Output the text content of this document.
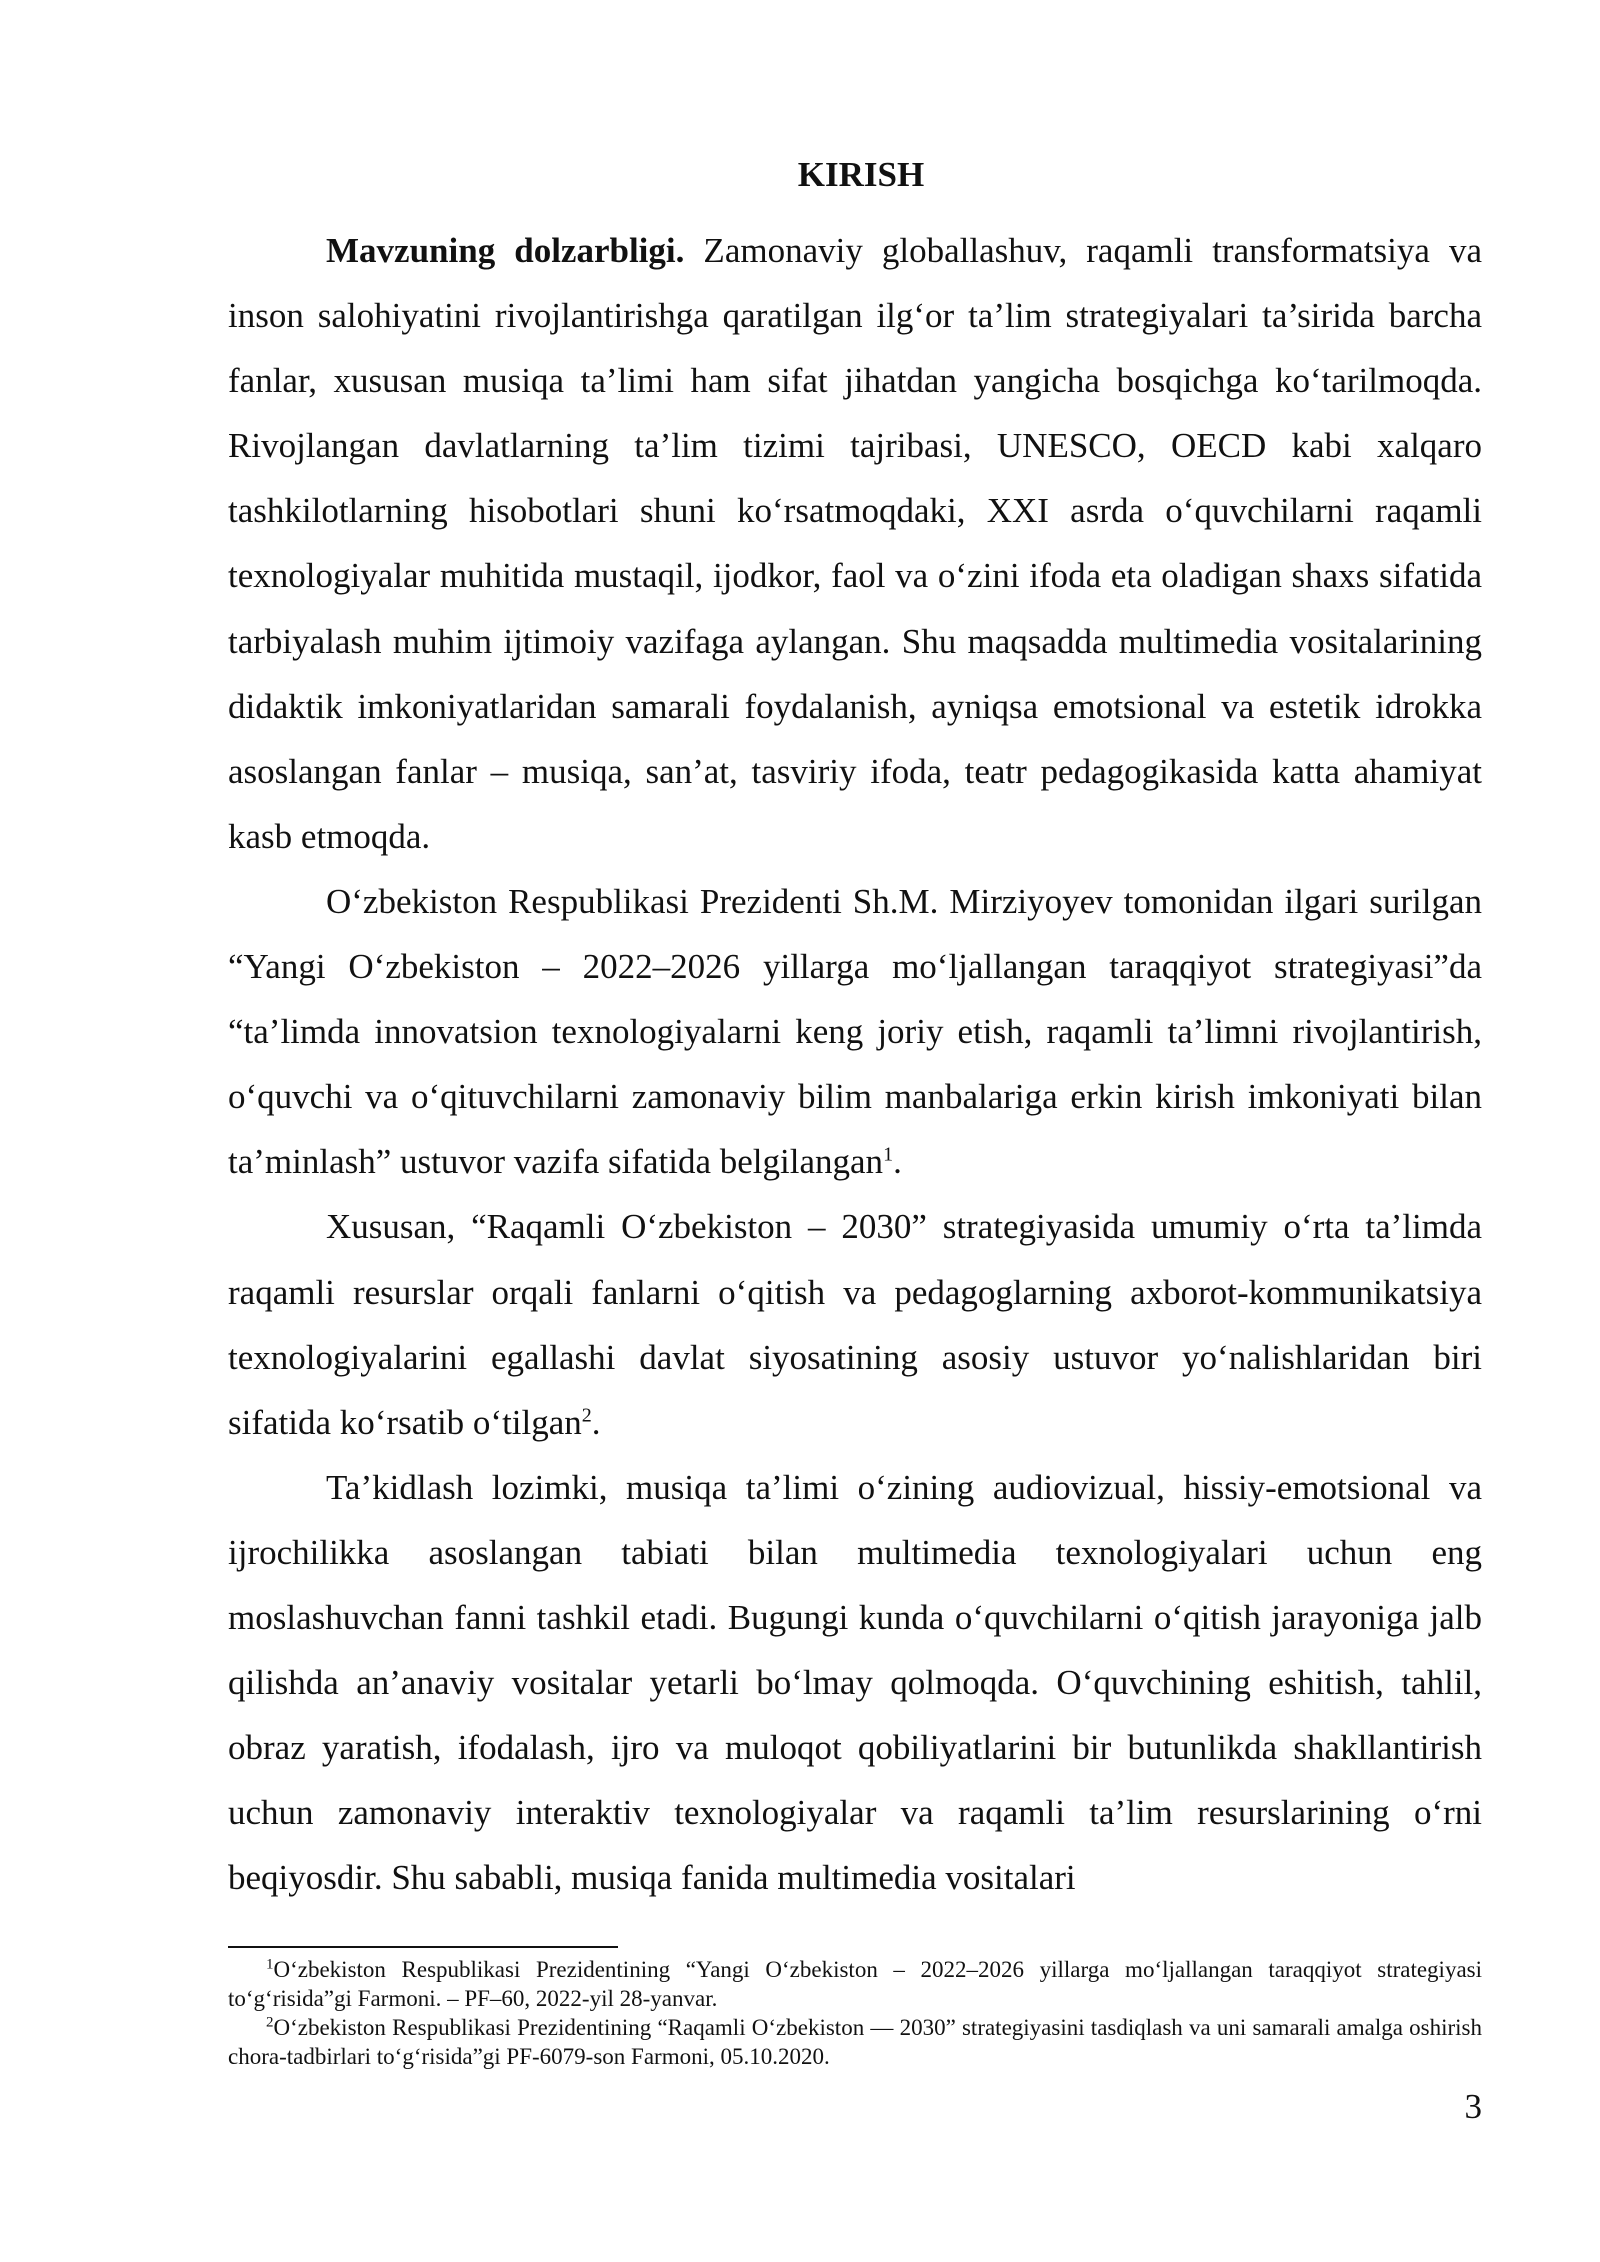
KIRISH

Mavzuning dolzarbligi. Zamonaviy globallashuv, raqamli transformatsiya va inson salohiyatini rivojlantirishga qaratilgan ilg‘or ta’lim strategiyalari ta’sirida barcha fanlar, xususan musiqa ta’limi ham sifat jihatdan yangicha bosqichga ko‘tarilmoqda. Rivojlangan davlatlarning ta’lim tizimi tajribasi, UNESCO, OECD kabi xalqaro tashkilotlarning hisobotlari shuni ko‘rsatmoqdaki, XXI asrda o‘quvchilarni raqamli texnologiyalar muhitida mustaqil, ijodkor, faol va o‘zini ifoda eta oladigan shaxs sifatida tarbiyalash muhim ijtimoiy vazifaga aylangan. Shu maqsadda multimedia vositalarining didaktik imkoniyatlaridan samarali foydalanish, ayniqsa emotsional va estetik idrokka asoslangan fanlar – musiqa, san’at, tasviriy ifoda, teatr pedagogikasida katta ahamiyat kasb etmoqda.

O‘zbekiston Respublikasi Prezidenti Sh.M. Mirziyoyev tomonidan ilgari surilgan “Yangi O‘zbekiston – 2022–2026 yillarga mo‘ljallangan taraqqiyot strategiyasi”da “ta’limda innovatsion texnologiyalarni keng joriy etish, raqamli ta’limni rivojlantirish, o‘quvchi va o‘qituvchilarni zamonaviy bilim manbalariga erkin kirish imkoniyati bilan ta’minlash” ustuvor vazifa sifatida belgilangan$^1$.

Xususan, “Raqamli O‘zbekiston – 2030” strategiyasida umumiy o‘rta ta’limda raqamli resurslar orqali fanlarni o‘qitish va pedagoglarning axborot-kommunikatsiya texnologiyalarini egallashi davlat siyosatining asosiy ustuvor yo‘nalishlaridan biri sifatida ko‘rsatib o‘tilgan$^2$.

Ta’kidlash lozimki, musiqa ta’limi o‘zining audiovizual, hissiy-emotsional va ijrochilikka asoslangan tabiati bilan multimedia texnologiyalari uchun eng moslashuvchan fanni tashkil etadi. Bugungi kunda o‘quvchilarni o‘qitish jarayoniga jalb qilishda an’anaviy vositalar yetarli bo‘lmay qolmoqda. O‘quvchining eshitish, tahlil, obraz yaratish, ifodalash, ijro va muloqot qobiliyatlarini bir butunlikda shakllantirish uchun zamonaviy interaktiv texnologiyalar va raqamli ta’lim resurslarining o‘rni beqiyosdir. Shu sababli, musiqa fanida multimedia vositalari

$^1$O‘zbekiston Respublikasi Prezidentining “Yangi O‘zbekiston – 2022–2026 yillarga mo‘ljallangan taraqqiyot strategiyasi to‘g‘risida”gi Farmoni. – PF–60, 2022-yil 28-yanvar.

$^2$O‘zbekiston Respublikasi Prezidentining “Raqamli O‘zbekiston — 2030” strategiyasini tasdiqlash va uni samarali amalga oshirish chora-tadbirlari to‘g‘risida”gi PF-6079-son Farmoni, 05.10.2020.

3
